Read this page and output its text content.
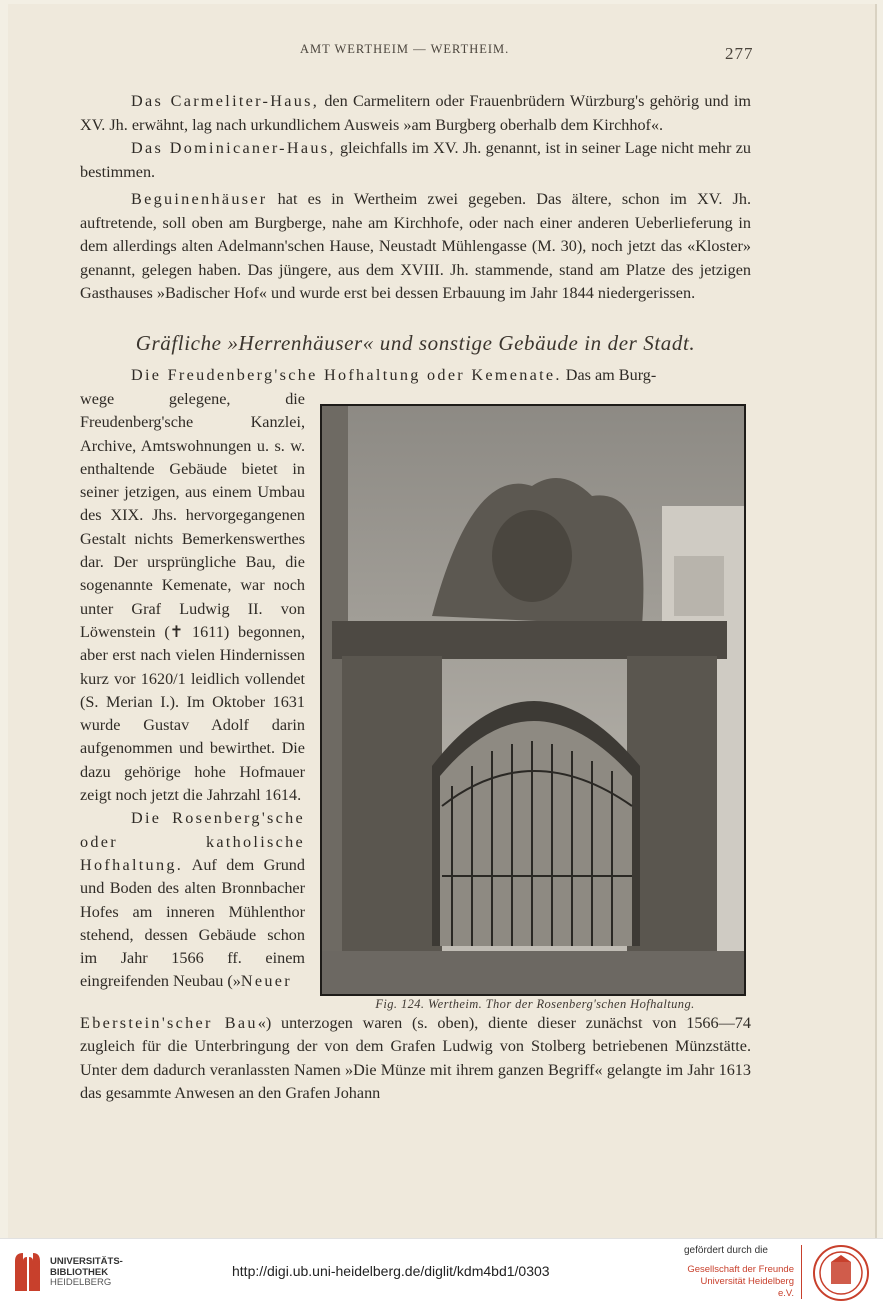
AMT WERTHEIM — WERTHEIM.	277

Das Carmeliter-Haus, den Carmelitern oder Frauenbrüdern Würzburg's gehörig und im XV. Jh. erwähnt, lag nach urkundlichem Ausweis »am Burgberg oberhalb dem Kirchhof«.

Das Dominicaner-Haus, gleichfalls im XV. Jh. genannt, ist in seiner Lage nicht mehr zu bestimmen.

Beguinenhäuser hat es in Wertheim zwei gegeben. Das ältere, schon im XV. Jh. auftretende, soll oben am Burgberge, nahe am Kirchhofe, oder nach einer anderen Ueberlieferung in dem allerdings alten Adelmann'schen Hause, Neustadt Mühlengasse (M. 30), noch jetzt das «Kloster» genannt, gelegen haben. Das jüngere, aus dem XVIII. Jh. stammende, stand am Platze des jetzigen Gasthauses »Badischer Hof« und wurde erst bei dessen Erbauung im Jahr 1844 niedergerissen.

Gräfliche »Herrenhäuser« und sonstige Gebäude in der Stadt.

Die Freudenberg'sche Hofhaltung oder Kemenate. Das am Burg-

wege gelegene, die Freudenberg'sche Kanzlei, Archive, Amtswohnungen u. s. w. enthaltende Gebäude bietet in seiner jetzigen, aus einem Umbau des XIX. Jhs. hervorgegangenen Gestalt nichts Bemerkenswerthes dar. Der ursprüngliche Bau, die sogenannte Kemenate, war noch unter Graf Ludwig II. von Löwenstein (✝ 1611) begonnen, aber erst nach vielen Hindernissen kurz vor 1620/1 leidlich vollendet (S. Merian I.). Im Oktober 1631 wurde Gustav Adolf darin aufgenommen und bewirthet. Die dazu gehörige hohe Hofmauer zeigt noch jetzt die Jahrzahl 1614.

Die Rosenberg'sche oder katholische Hofhaltung. Auf dem Grund und Boden des alten Bronnbacher Hofes am inneren Mühlenthor stehend, dessen Gebäude schon im Jahr 1566 ff. einem eingreifenden Neubau (»Neuer

Fig. 124. Wertheim. Thor der Rosenberg'schen Hofhaltung.

Eberstein'scher Bau«) unterzogen waren (s. oben), diente dieser zunächst von 1566—74 zugleich für die Unterbringung der von dem Grafen Ludwig von Stolberg betriebenen Münzstätte. Unter dem dadurch veranlassten Namen »Die Münze mit ihrem ganzen Begriff« gelangte im Jahr 1613 das gesammte Anwesen an den Grafen Johann

UNIVERSITÄTS-
BIBLIOTHEK
HEIDELBERG
http://digi.ub.uni-heidelberg.de/diglit/kdm4bd1/0303
gefördert durch die
Gesellschaft der Freunde
Universität Heidelberg e.V.
